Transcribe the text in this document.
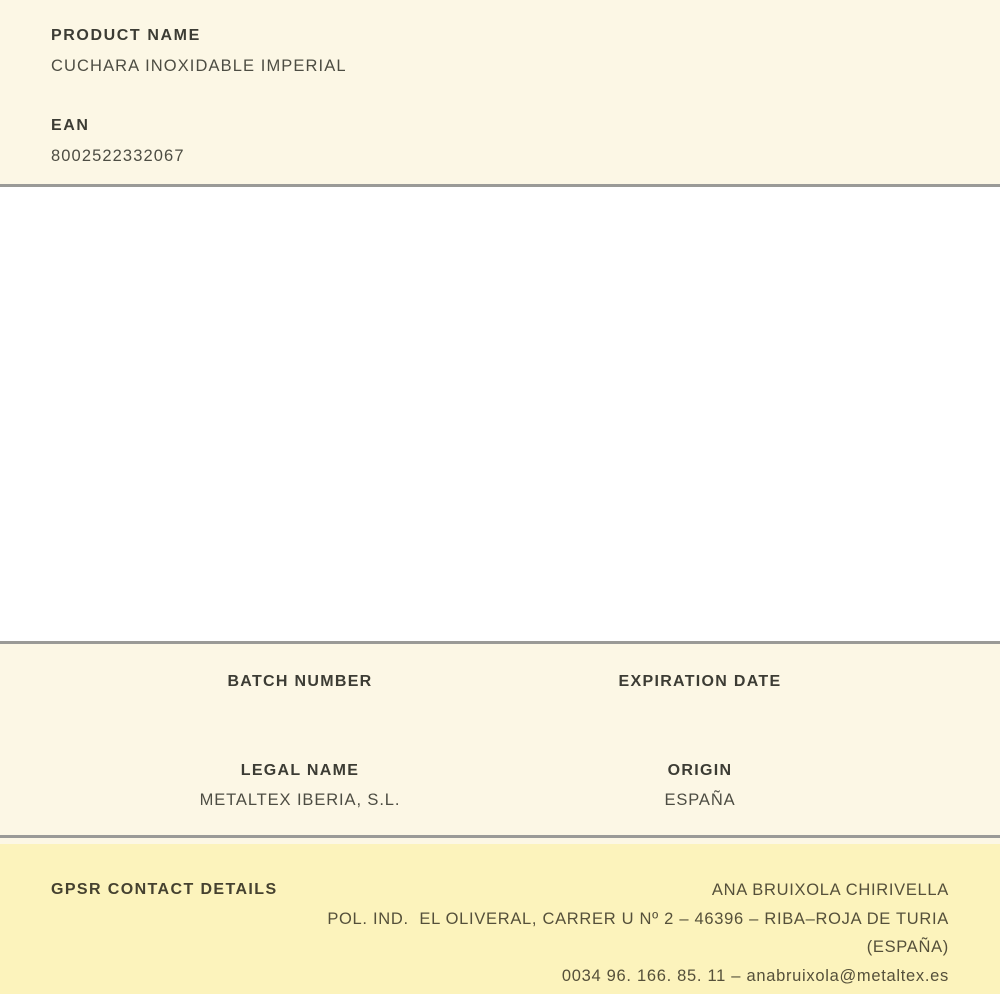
PRODUCT NAME
CUCHARA INOXIDABLE IMPERIAL
EAN
8002522332067
BATCH NUMBER	EXPIRATION DATE
LEGAL NAME
METALTEX IBERIA, S.L.
ORIGIN
ESPAÑA
GPSR CONTACT DETAILS	ANA BRUIXOLA CHIRIVELLA
POL. IND.  EL OLIVERAL, CARRER U Nº 2 – 46396 – RIBA–ROJA DE TURIA (ESPAÑA)
0034 96. 166. 85. 11 – anabruixola@metaltex.es
